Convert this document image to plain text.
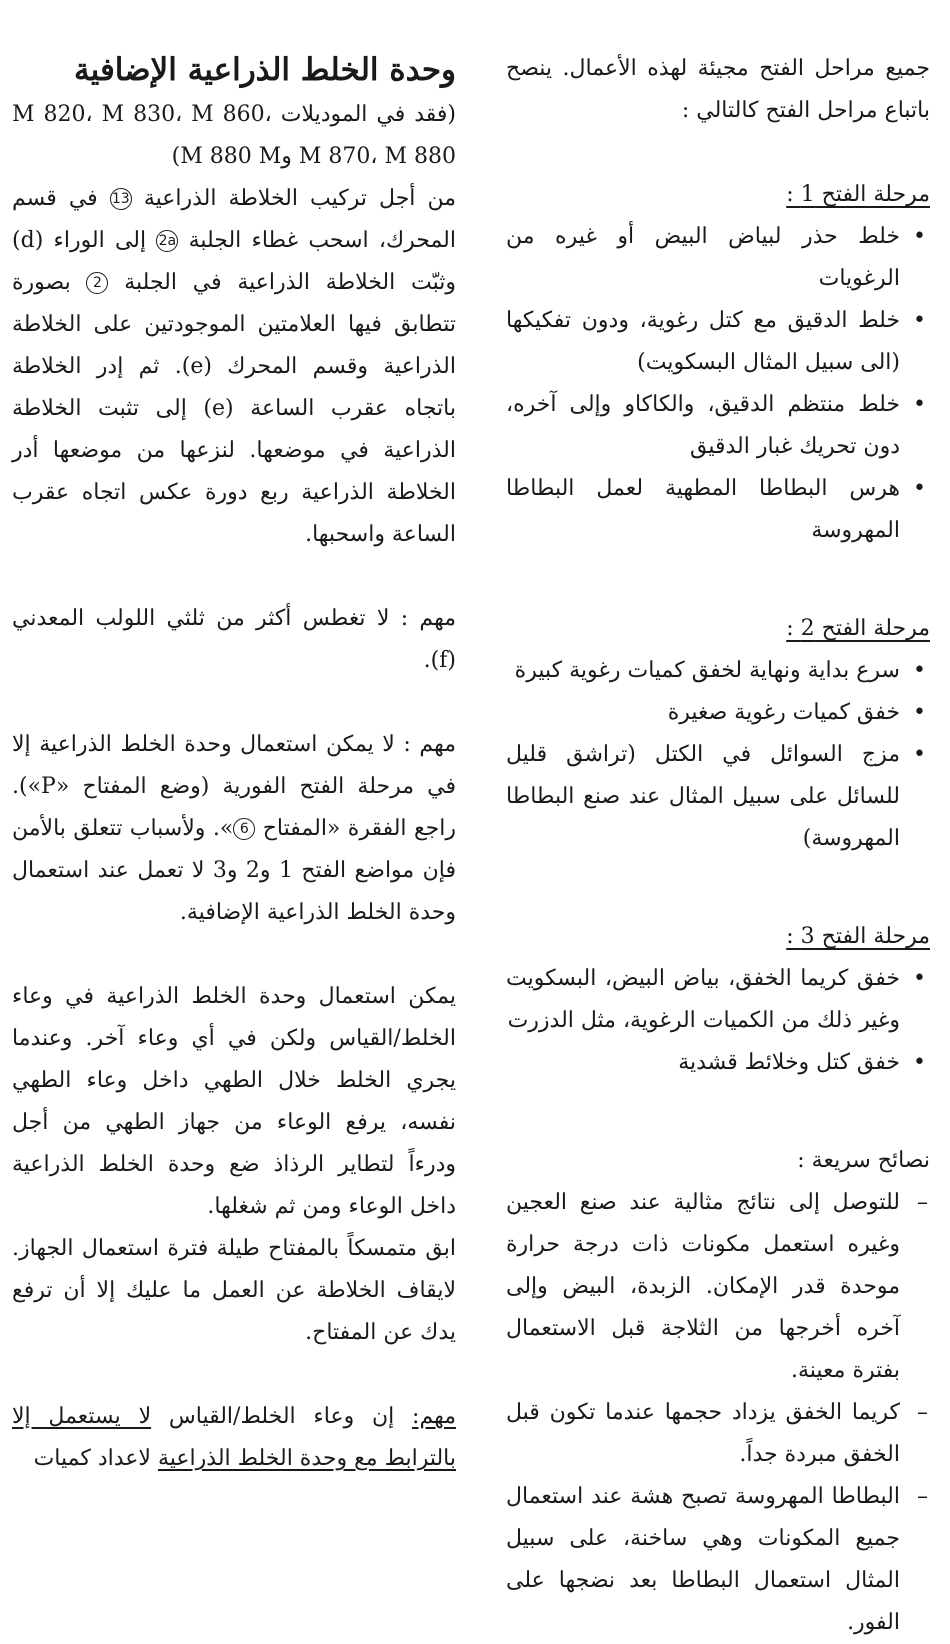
جميع مراحل الفتح مجيئة لهذه الأعمال. ينصح باتباع مراحل الفتح كالتالي :

مرحلة الفتح 1 :

• خلط حذر لبياض البيض أو غيره من الرغويات
• خلط الدقيق مع كتل رغوية، ودون تفكيكها (الى سبيل المثال البسكويت)
• خلط منتظم الدقيق، والكاكاو وإلى آخره، دون تحريك غبار الدقيق
• هرس البطاطا المطهية لعمل البطاطا المهروسة

مرحلة الفتح 2 :

• سرع بداية ونهاية لخفق كميات رغوية كبيرة
• خفق كميات رغوية صغيرة
• مزج السوائل في الكتل (تراشق قليل للسائل على سبيل المثال عند صنع البطاطا المهروسة)

مرحلة الفتح 3 :

• خفق كريما الخفق، بياض البيض، البسكويت وغير ذلك من الكميات الرغوية، مثل الدزرت
• خفق كتل وخلائط قشدية

نصائح سريعة :

– للتوصل إلى نتائج مثالية عند صنع العجين وغيره استعمل مكونات ذات درجة حرارة موحدة قدر الإمكان. الزبدة، البيض وإلى آخره أخرجها من الثلاجة قبل الاستعمال بفترة معينة.
– كريما الخفق يزداد حجمها عندما تكون قبل الخفق مبردة جداً.
– البطاطا المهروسة تصبح هشة عند استعمال جميع المكونات وهي ساخنة، على سبيل المثال استعمال البطاطا بعد نضجها على الفور.
وحدة الخلط الذراعية الإضافية

(فقد في الموديلات M 820، M 830، M 860، M 870، M 880 وM 880 M)

من أجل تركيب الخلاطة الذراعية 13 في قسم المحرك، اسحب غطاء الجلبة 2a إلى الوراء (d) وثبّت الخلاطة الذراعية في الجلبة 2 بصورة تتطابق فيها العلامتين الموجودتين على الخلاطة الذراعية وقسم المحرك (e). ثم إدر الخلاطة باتجاه عقرب الساعة (e) إلى تثبت الخلاطة الذراعية في موضعها. لنزعها من موضعها أدر الخلاطة الذراعية ربع دورة عكس اتجاه عقرب الساعة واسحبها.

مهم : لا تغطس أكثر من ثلثي اللولب المعدني (f).

مهم : لا يمكن استعمال وحدة الخلط الذراعية إلا في مرحلة الفتح الفورية (وضع المفتاح «P»). راجع الفقرة «المفتاح 6». ولأسباب تتعلق بالأمن فإن مواضع الفتح 1 و2 و3 لا تعمل عند استعمال وحدة الخلط الذراعية الإضافية.

يمكن استعمال وحدة الخلط الذراعية في وعاء الخلط/القياس ولكن في أي وعاء آخر. وعندما يجري الخلط خلال الطهي داخل وعاء الطهي نفسه، يرفع الوعاء من جهاز الطهي من أجل ودرءاً لتطاير الرذاذ ضع وحدة الخلط الذراعية داخل الوعاء ومن ثم شغلها.

ابق متمسكاً بالمفتاح طيلة فترة استعمال الجهاز. لايقاف الخلاطة عن العمل ما عليك إلا أن ترفع يدك عن المفتاح.

مهم: إن وعاء الخلط/القياس لا يستعمل إلا بالترابط مع وحدة الخلط الذراعية لاعداد كميات
